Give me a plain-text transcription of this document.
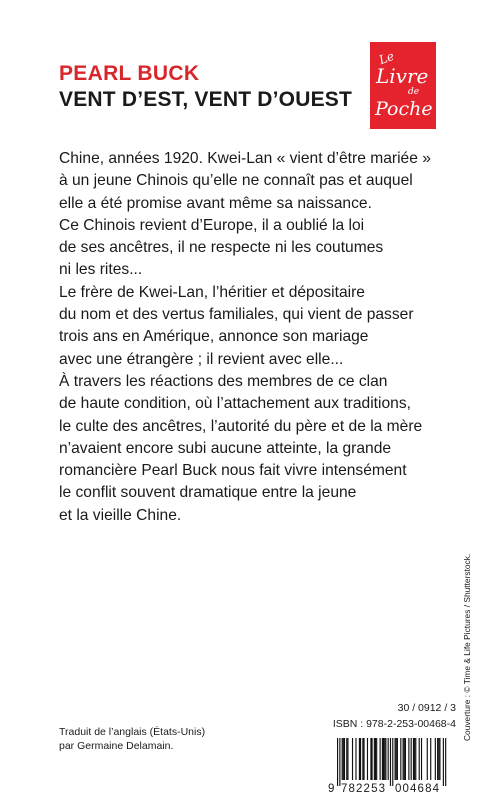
PEARL BUCK
VENT D’EST, VENT D’OUEST
Le
Livre
de
Poche
Chine, années 1920. Kwei-Lan « vient d’être mariée »
à un jeune Chinois qu’elle ne connaît pas et auquel
elle a été promise avant même sa naissance.
Ce Chinois revient d’Europe, il a oublié la loi
de ses ancêtres, il ne respecte ni les coutumes
ni les rites...
Le frère de Kwei-Lan, l’héritier et dépositaire
du nom et des vertus familiales, qui vient de passer
trois ans en Amérique, annonce son mariage
avec une étrangère ; il revient avec elle...
À travers les réactions des membres de ce clan
de haute condition, où l’attachement aux traditions,
le culte des ancêtres, l’autorité du père et de la mère
n’avaient encore subi aucune atteinte, la grande
romancière Pearl Buck nous fait vivre intensément
le conflit souvent dramatique entre la jeune
et la vieille Chine.
Traduit de l’anglais (États-Unis)
par Germaine Delamain.
30 / 0912 / 3
ISBN : 978-2-253-00468-4
9 782253 004684
Couverture : © Time & Life Pictures / Shutterstock.
